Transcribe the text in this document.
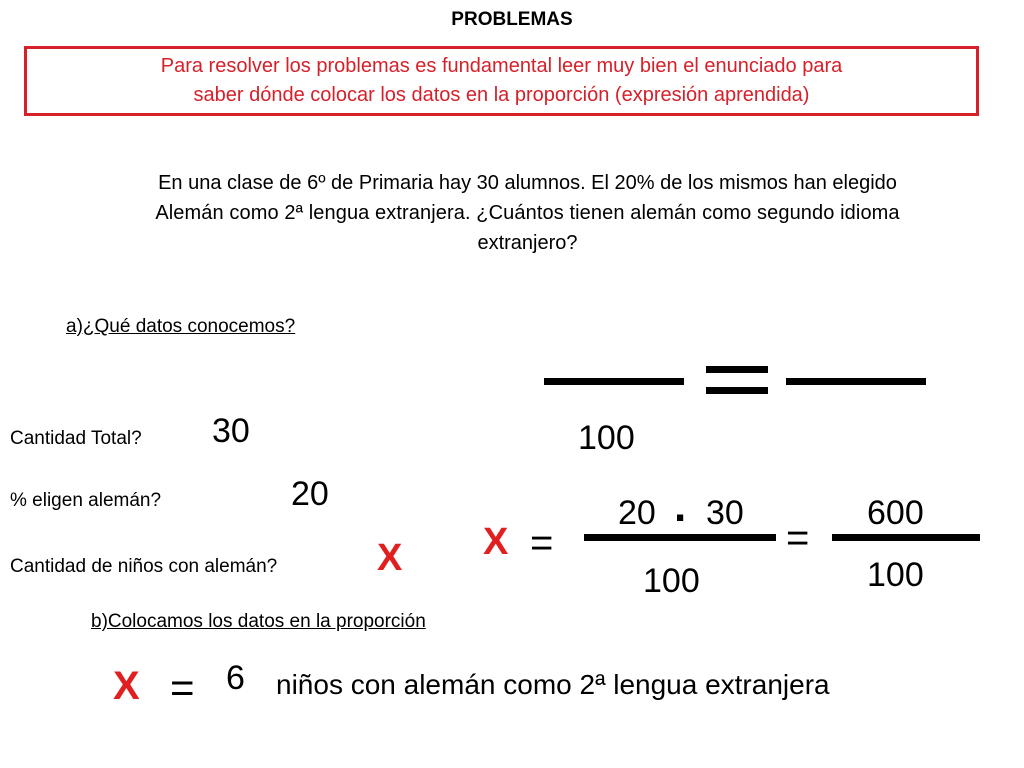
PROBLEMAS
Para resolver los problemas es fundamental leer muy bien el enunciado para
saber dónde colocar los datos en la proporción (expresión aprendida)
En una clase de 6º de Primaria hay 30 alumnos. El 20% de los mismos han elegido
Alemán como 2ª lengua extranjera. ¿Cuántos tienen alemán como segundo idioma
extranjero?
a)¿Qué datos conocemos?
Cantidad Total? 30
% eligen alemán?	20
Cantidad de niños con alemán?	X
100
X =
20 . 30
100
=
600
100
b)Colocamos los datos en la proporción
X = 6 niños con alemán como 2ª lengua extranjera
